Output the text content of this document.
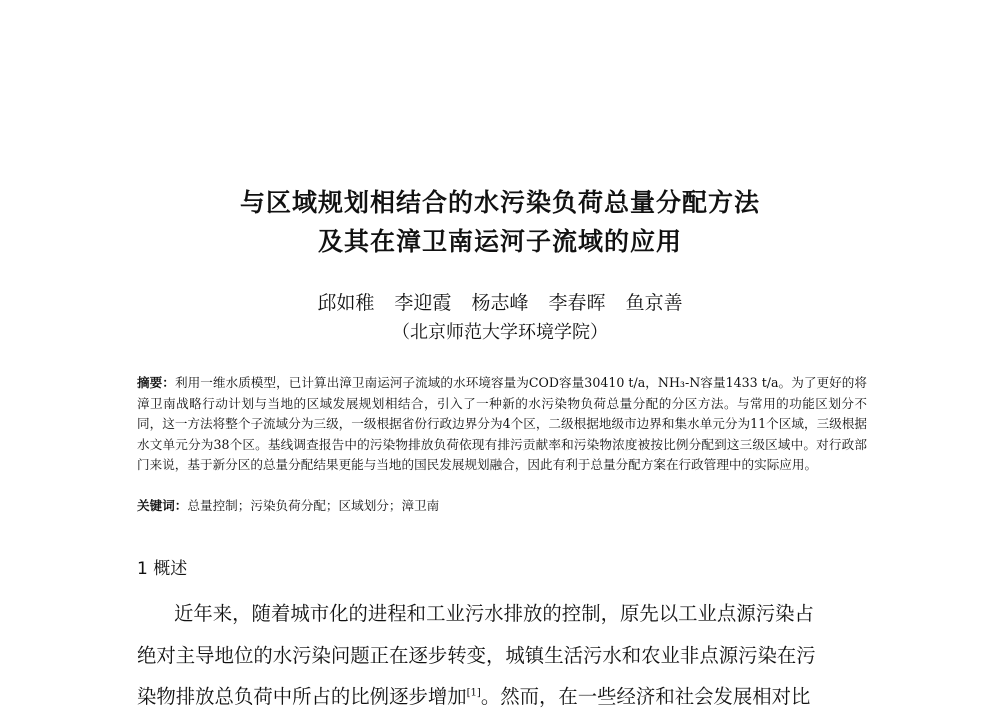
与区域规划相结合的水污染负荷总量分配方法
及其在漳卫南运河子流域的应用
邱如稚 李迎霞 杨志峰 李春晖 鱼京善
（北京师范大学环境学院）
摘要：利用一维水质模型，已计算出漳卫南运河子流域的水环境容量为COD容量30410 t/a，NH₃-N容量1433 t/a。为了更好的将漳卫南战略行动计划与当地的区域发展规划相结合，引入了一种新的水污染物负荷总量分配的分区方法。与常用的功能区划分不同，这一方法将整个子流域分为三级，一级根据省份行政边界分为4个区，二级根据地级市边界和集水单元分为11个区域，三级根据水文单元分为38个区。基线调查报告中的污染物排放负荷依现有排污贡献率和污染物浓度被按比例分配到这三级区域中。对行政部门来说，基于新分区的总量分配结果更能与当地的国民发展规划融合，因此有利于总量分配方案在行政管理中的实际应用。
关键词：总量控制；污染负荷分配；区域划分；漳卫南
1 概述
近年来，随着城市化的进程和工业污水排放的控制，原先以工业点源污染占
绝对主导地位的水污染问题正在逐步转变，城镇生活污水和农业非点源污染在污
染物排放总负荷中所占的比例逐步增加[1]。然而，在一些经济和社会发展相对比
